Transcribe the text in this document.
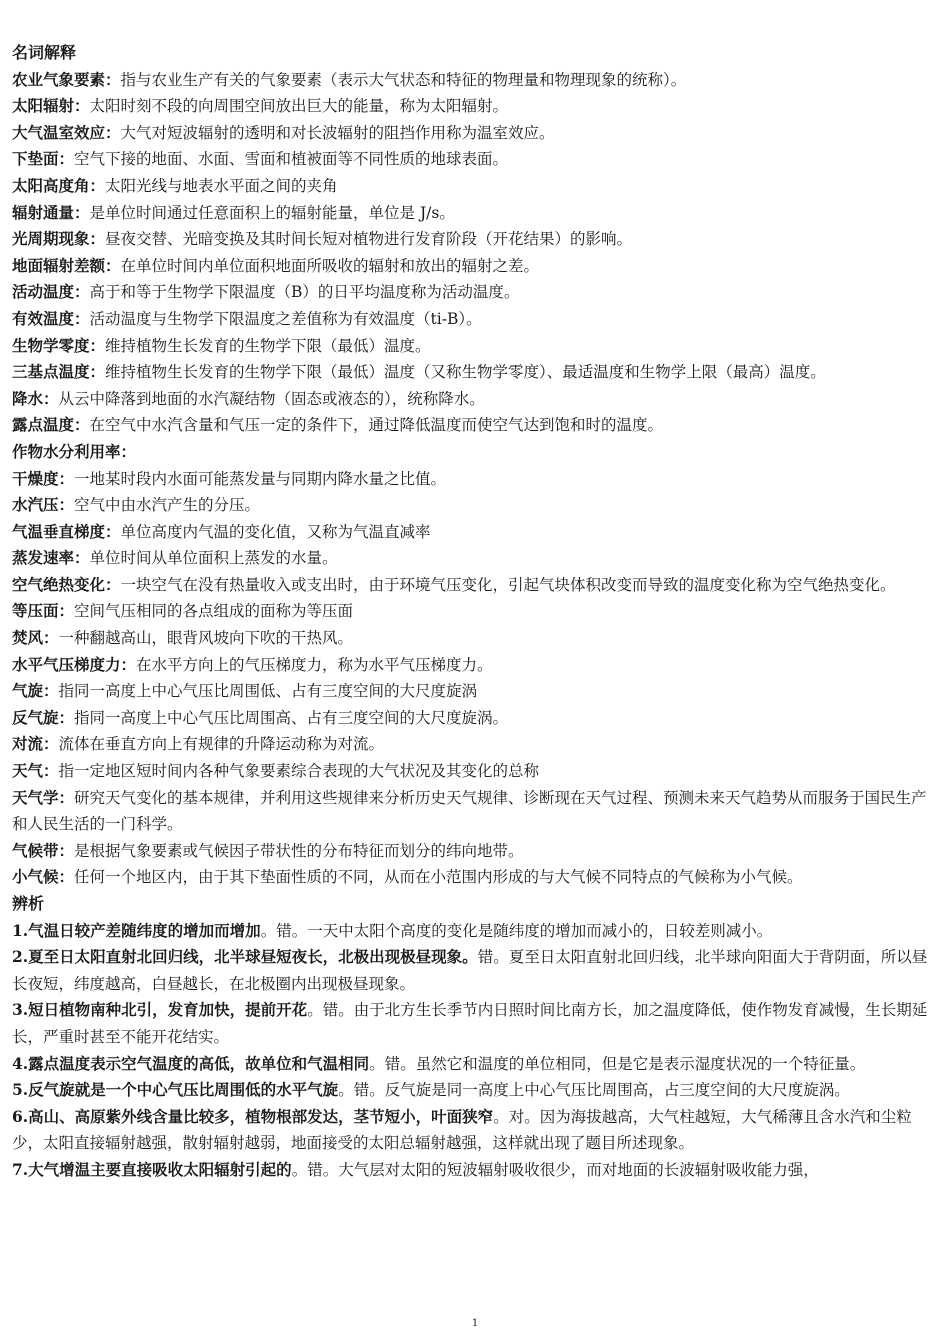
名词解释
农业气象要素：指与农业生产有关的气象要素（表示大气状态和特征的物理量和物理现象的统称）。
太阳辐射：太阳时刻不段的向周围空间放出巨大的能量，称为太阳辐射。
大气温室效应：大气对短波辐射的透明和对长波辐射的阻挡作用称为温室效应。
下垫面：空气下接的地面、水面、雪面和植被面等不同性质的地球表面。
太阳高度角：太阳光线与地表水平面之间的夹角
辐射通量：是单位时间通过任意面积上的辐射能量，单位是 J/s。
光周期现象：昼夜交替、光暗变换及其时间长短对植物进行发育阶段（开花结果）的影响。
地面辐射差额：在单位时间内单位面积地面所吸收的辐射和放出的辐射之差。
活动温度：高于和等于生物学下限温度（B）的日平均温度称为活动温度。
有效温度：活动温度与生物学下限温度之差值称为有效温度（ti-B）。
生物学零度：维持植物生长发育的生物学下限（最低）温度。
三基点温度：维持植物生长发育的生物学下限（最低）温度（又称生物学零度）、最适温度和生物学上限（最高）温度。
降水：从云中降落到地面的水汽凝结物（固态或液态的），统称降水。
露点温度：在空气中水汽含量和气压一定的条件下，通过降低温度而使空气达到饱和时的温度。
作物水分利用率：
干燥度：一地某时段内水面可能蒸发量与同期内降水量之比值。
水汽压：空气中由水汽产生的分压。
气温垂直梯度：单位高度内气温的变化值，又称为气温直减率
蒸发速率：单位时间从单位面积上蒸发的水量。
空气绝热变化：一块空气在没有热量收入或支出时，由于环境气压变化，引起气块体积改变而导致的温度变化称为空气绝热变化。
等压面：空间气压相同的各点组成的面称为等压面
焚风：一种翻越高山，眼背风坡向下吹的干热风。
水平气压梯度力：在水平方向上的气压梯度力，称为水平气压梯度力。
气旋：指同一高度上中心气压比周围低、占有三度空间的大尺度旋涡
反气旋：指同一高度上中心气压比周围高、占有三度空间的大尺度旋涡。
对流：流体在垂直方向上有规律的升降运动称为对流。
天气：指一定地区短时间内各种气象要素综合表现的大气状况及其变化的总称
天气学：研究天气变化的基本规律，并利用这些规律来分析历史天气规律、诊断现在天气过程、预测未来天气趋势从而服务于国民生产和人民生活的一门科学。
气候带：是根据气象要素或气候因子带状性的分布特征而划分的纬向地带。
小气候：任何一个地区内，由于其下垫面性质的不同，从而在小范围内形成的与大气候不同特点的气候称为小气候。
辨析
1.气温日较产差随纬度的增加而增加。错。一天中太阳个高度的变化是随纬度的增加而减小的，日较差则减小。
2.夏至日太阳直射北回归线，北半球昼短夜长，北极出现极昼现象。错。夏至日太阳直射北回归线，北半球向阳面大于背阴面，所以昼长夜短，纬度越高，白昼越长，在北极圈内出现极昼现象。
3.短日植物南种北引，发育加快，提前开花。错。由于北方生长季节内日照时间比南方长，加之温度降低，使作物发育减慢，生长期延长，严重时甚至不能开花结实。
4.露点温度表示空气温度的高低，故单位和气温相同。错。虽然它和温度的单位相同，但是它是表示湿度状况的一个特征量。
5.反气旋就是一个中心气压比周围低的水平气旋。错。反气旋是同一高度上中心气压比周围高，占三度空间的大尺度旋涡。
6.高山、高原紫外线含量比较多，植物根部发达，茎节短小，叶面狭窄。对。因为海拔越高，大气柱越短，大气稀薄且含水汽和尘粒少，太阳直接辐射越强，散射辐射越弱，地面接受的太阳总辐射越强，这样就出现了题目所述现象。
7.大气增温主要直接吸收太阳辐射引起的。错。大气层对太阳的短波辐射吸收很少，而对地面的长波辐射吸收能力强，
1
